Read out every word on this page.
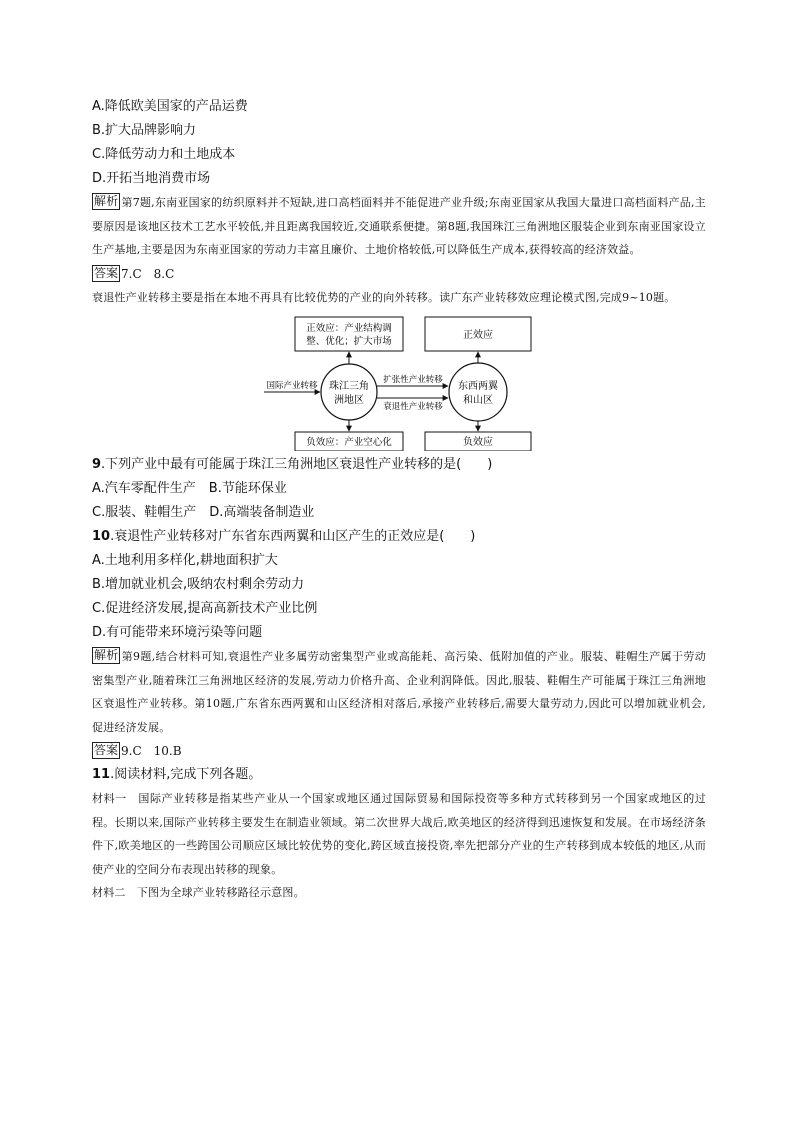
A.降低欧美国家的产品运费

B.扩大品牌影响力

C.降低劳动力和土地成本

D.开拓当地消费市场

解析 第7题,东南亚国家的纺织原料并不短缺,进口高档面料并不能促进产业升级;东南亚国家从我国大量进口高档面料产品,主要原因是该地区技术工艺水平较低,并且距离我国较近,交通联系便捷。第8题,我国珠江三角洲地区服装企业到东南亚国家设立生产基地,主要是因为东南亚国家的劳动力丰富且廉价、土地价格较低,可以降低生产成本,获得较高的经济效益。

答案 7.C　8.C

衰退性产业转移主要是指在本地不再具有比较优势的产业的向外转移。读广东产业转移效应理论模式图,完成9~10题。

正效应：产业结构调
整、优化；扩大市场
正效应
负效应：产业空心化	负效应
珠江三角
洲地区
东西两翼
和山区
国际产业转移
扩张性产业转移
衰退性产业转移

9.下列产业中最有可能属于珠江三角洲地区衰退性产业转移的是(　　)

A.汽车零配件生产　B.节能环保业

C.服装、鞋帽生产　D.高端装备制造业

10.衰退性产业转移对广东省东西两翼和山区产生的正效应是(　　)

A.土地利用多样化,耕地面积扩大

B.增加就业机会,吸纳农村剩余劳动力

C.促进经济发展,提高高新技术产业比例

D.有可能带来环境污染等问题

解析 第9题,结合材料可知,衰退性产业多属劳动密集型产业或高能耗、高污染、低附加值的产业。服装、鞋帽生产属于劳动密集型产业,随着珠江三角洲地区经济的发展,劳动力价格升高、企业利润降低。因此,服装、鞋帽生产可能属于珠江三角洲地区衰退性产业转移。第10题,广东省东西两翼和山区经济相对落后,承接产业转移后,需要大量劳动力,因此可以增加就业机会,促进经济发展。

答案 9.C　10.B

11.阅读材料,完成下列各题。

材料一　 国际产业转移是指某些产业从一个国家或地区通过国际贸易和国际投资等多种方式转移到另一个国家或地区的过程。长期以来,国际产业转移主要发生在制造业领域。第二次世界大战后,欧美地区的经济得到迅速恢复和发展。在市场经济条件下,欧美地区的一些跨国公司顺应区域比较优势的变化,跨区域直接投资,率先把部分产业的生产转移到成本较低的地区,从而使产业的空间分布表现出转移的现象。

材料二　 下图为全球产业转移路径示意图。
